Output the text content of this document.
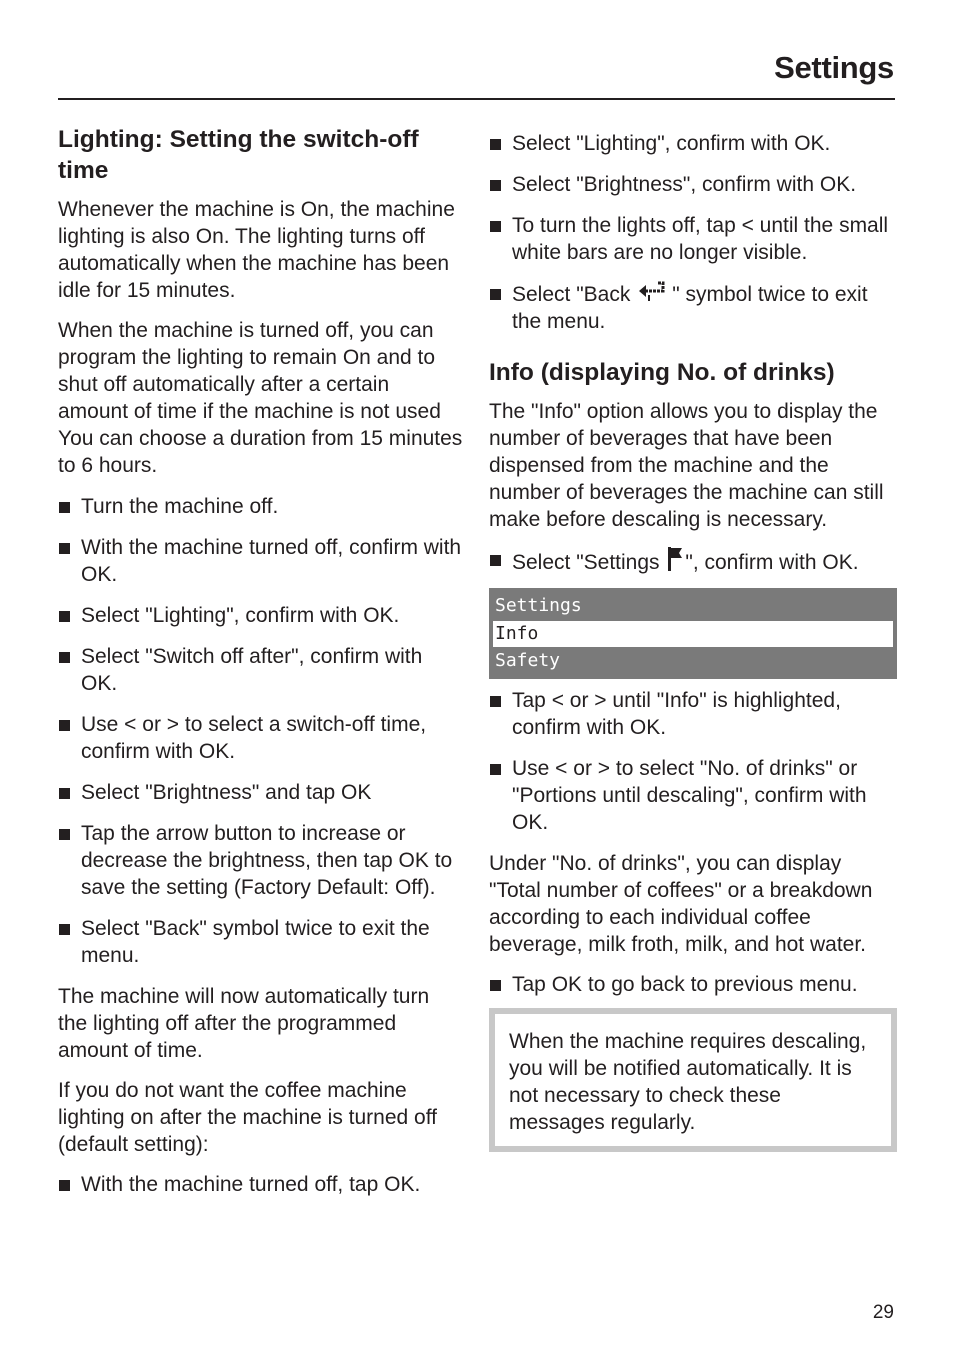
Settings
Lighting: Setting the switch-off time

Whenever the machine is On, the machine lighting is also On. The lighting turns off automatically when the machine has been idle for 15 minutes.

When the machine is turned off, you can program the lighting to remain On and to shut off automatically after a certain amount of time if the machine is not used
You can choose a duration from 15 minutes to 6 hours.

Turn the machine off.
With the machine turned off, confirm with OK.
Select "Lighting", confirm with OK.
Select "Switch off after", confirm with OK.
Use < or > to select a switch-off time, confirm with OK.
Select "Brightness" and tap OK
Tap the arrow button to increase or decrease the brightness, then tap OK to save the setting (Factory Default: Off).
Select "Back" symbol twice to exit the menu.

The machine will now automatically turn the lighting off after the programmed amount of time.

If you do not want the coffee machine lighting on after the machine is turned off (default setting):

With the machine turned off, tap OK.
Select "Lighting", confirm with OK.
Select "Brightness", confirm with OK.
To turn the lights off, tap < until the small white bars are no longer visible.
Select "Back " symbol twice to exit the menu.
Info (displaying No. of drinks)

The "Info" option allows you to display the number of beverages that have been dispensed from the machine and the number of beverages the machine can still make before descaling is necessary.

Select "Settings ", confirm with OK.
Settings
Info
Safety
Tap < or > until "Info" is highlighted, confirm with OK.
Use < or > to select "No. of drinks" or "Portions until descaling", confirm with OK.

Under "No. of drinks", you can display "Total number of coffees" or a breakdown according to each individual coffee beverage, milk froth, milk, and hot water.

Tap OK to go back to previous menu.
When the machine requires descaling, you will be notified automatically. It is not necessary to check these messages regularly.
29
